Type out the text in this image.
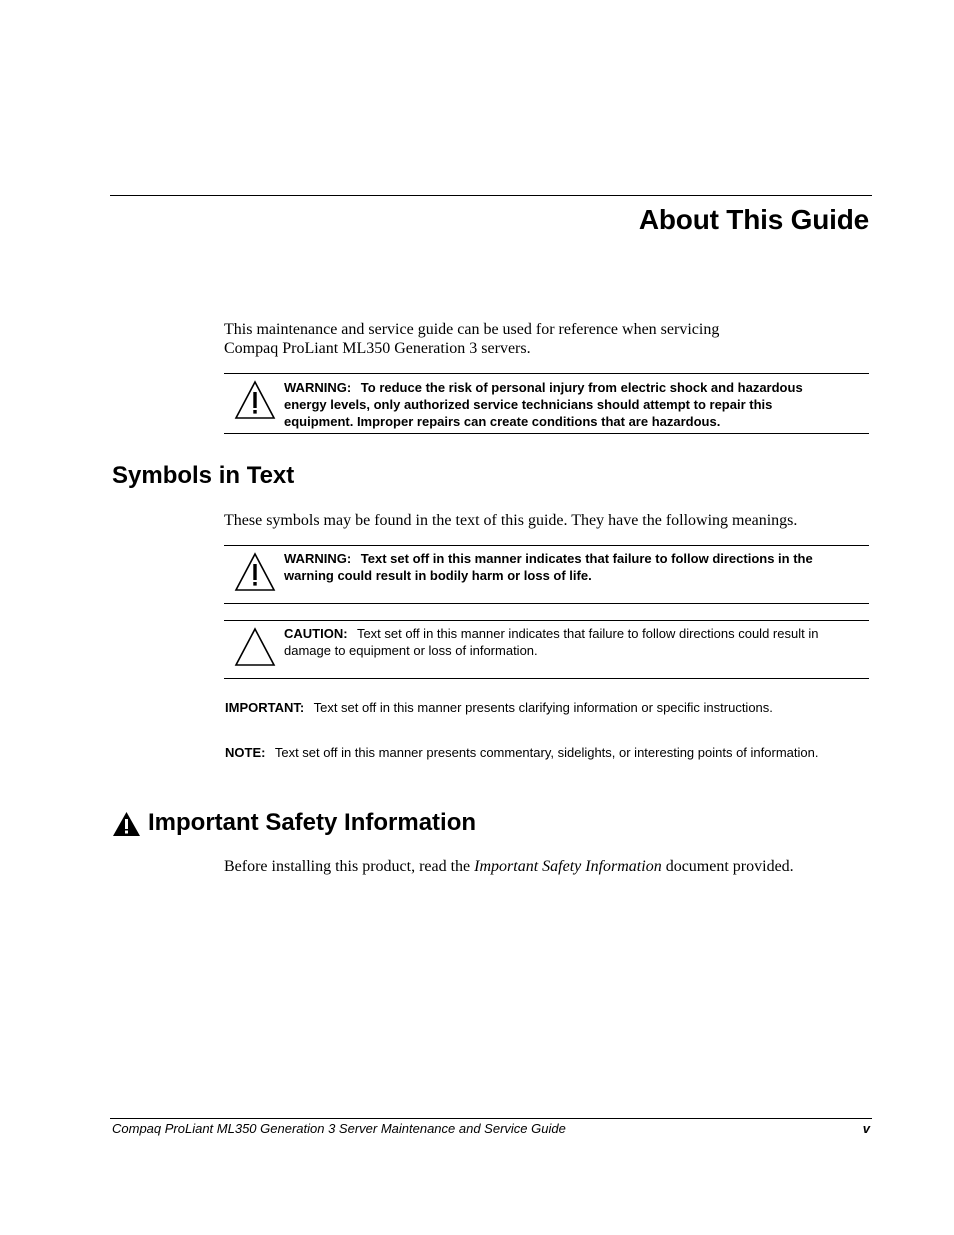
About This Guide
This maintenance and service guide can be used for reference when servicing
Compaq ProLiant ML350 Generation 3 servers.
WARNING: To reduce the risk of personal injury from electric shock and hazardous
energy levels, only authorized service technicians should attempt to repair this
equipment. Improper repairs can create conditions that are hazardous.
Symbols in Text
These symbols may be found in the text of this guide. They have the following meanings.
WARNING: Text set off in this manner indicates that failure to follow directions in the
warning could result in bodily harm or loss of life.
CAUTION: Text set off in this manner indicates that failure to follow directions could result in
damage to equipment or loss of information.
IMPORTANT: Text set off in this manner presents clarifying information or specific instructions.
NOTE: Text set off in this manner presents commentary, sidelights, or interesting points of information.
Important Safety Information
Before installing this product, read the Important Safety Information document provided.
Compaq ProLiant ML350 Generation 3 Server Maintenance and Service Guide	v
